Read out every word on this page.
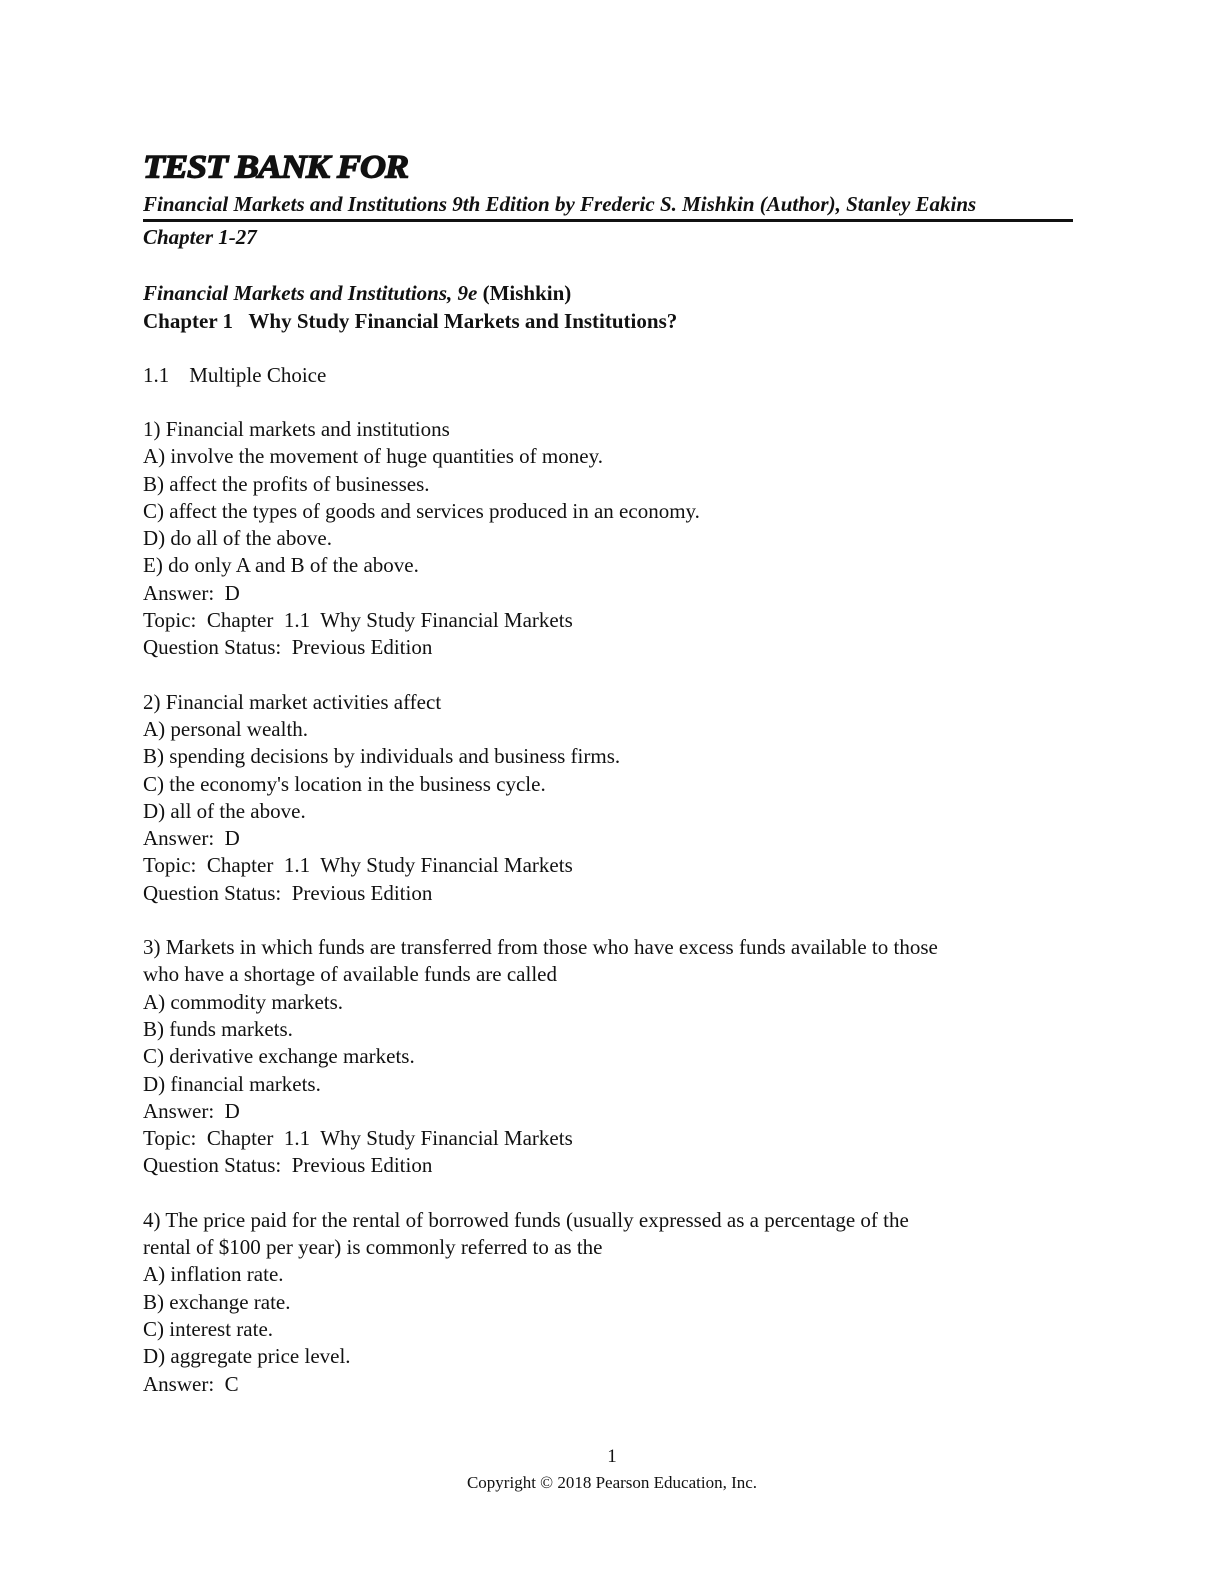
TEST BANK FOR
Financial Markets and Institutions 9th Edition by Frederic S. Mishkin (Author), Stanley Eakins
Chapter 1-27
Financial Markets and Institutions, 9e (Mishkin)
Chapter 1   Why Study Financial Markets and Institutions?
1.1 Multiple Choice
1) Financial markets and institutions
A) involve the movement of huge quantities of money.
B) affect the profits of businesses.
C) affect the types of goods and services produced in an economy.
D) do all of the above.
E) do only A and B of the above.
Answer:  D
Topic:  Chapter  1.1  Why Study Financial Markets
Question Status:  Previous Edition
2) Financial market activities affect
A) personal wealth.
B) spending decisions by individuals and business firms.
C) the economy's location in the business cycle.
D) all of the above.
Answer:  D
Topic:  Chapter  1.1  Why Study Financial Markets
Question Status:  Previous Edition
3) Markets in which funds are transferred from those who have excess funds available to those
who have a shortage of available funds are called
A) commodity markets.
B) funds markets.
C) derivative exchange markets.
D) financial markets.
Answer:  D
Topic:  Chapter  1.1  Why Study Financial Markets
Question Status:  Previous Edition
4) The price paid for the rental of borrowed funds (usually expressed as a percentage of the
rental of $100 per year) is commonly referred to as the
A) inflation rate.
B) exchange rate.
C) interest rate.
D) aggregate price level.
Answer:  C
1
Copyright © 2018 Pearson Education, Inc.
